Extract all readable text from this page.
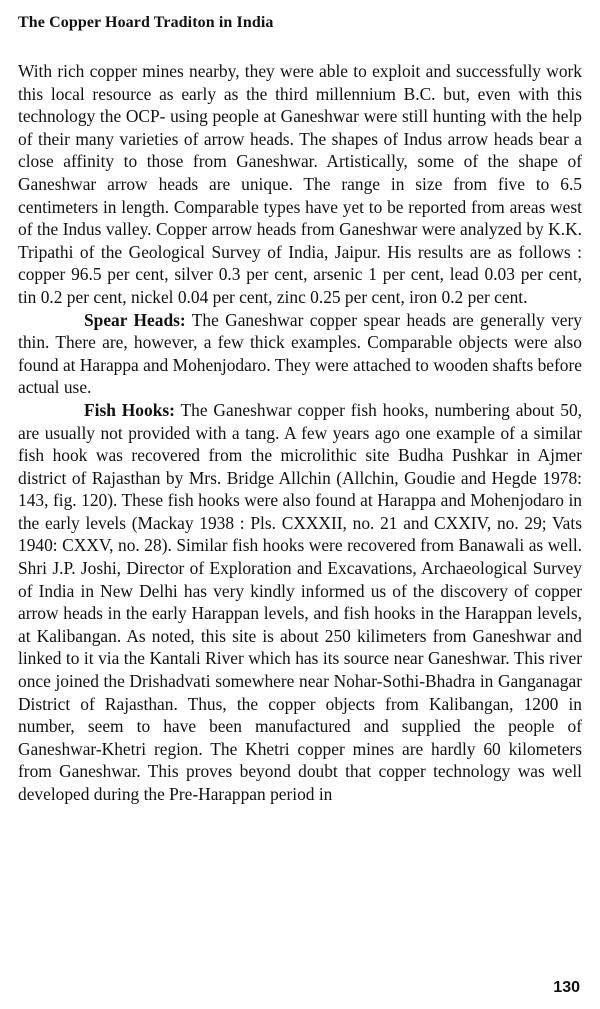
The Copper Hoard Traditon in India

With rich copper mines nearby, they were able to exploit and successfully work this local resource as early as the third millennium B.C. but, even with this technology the OCP- using people at Ganeshwar were still hunting with the help of their many varieties of arrow heads. The shapes of Indus arrow heads bear a close affinity to those from Ganeshwar. Artistically, some of the shape of Ganeshwar arrow heads are unique. The range in size from five to 6.5 centimeters in length. Comparable types have yet to be reported from areas west of the Indus valley. Copper arrow heads from Ganeshwar were analyzed by K.K. Tripathi of the Geological Survey of India, Jaipur. His results are as follows : copper 96.5 per cent, silver 0.3 per cent, arsenic 1 per cent, lead 0.03 per cent, tin 0.2 per cent, nickel 0.04 per cent, zinc 0.25 per cent, iron 0.2 per cent.

Spear Heads: The Ganeshwar copper spear heads are generally very thin. There are, however, a few thick examples. Comparable objects were also found at Harappa and Mohenjodaro. They were attached to wooden shafts before actual use.

Fish Hooks: The Ganeshwar copper fish hooks, numbering about 50, are usually not provided with a tang. A few years ago one example of a similar fish hook was recovered from the microlithic site Budha Pushkar in Ajmer district of Rajasthan by Mrs. Bridge Allchin (Allchin, Goudie and Hegde 1978: 143, fig. 120). These fish hooks were also found at Harappa and Mohenjodaro in the early levels (Mackay 1938 : Pls. CXXXII, no. 21 and CXXIV, no. 29; Vats 1940: CXXV, no. 28). Similar fish hooks were recovered from Banawali as well. Shri J.P. Joshi, Director of Exploration and Excavations, Archaeological Survey of India in New Delhi has very kindly informed us of the discovery of copper arrow heads in the early Harappan levels, and fish hooks in the Harappan levels, at Kalibangan. As noted, this site is about 250 kilimeters from Ganeshwar and linked to it via the Kantali River which has its source near Ganeshwar. This river once joined the Drishadvati somewhere near Nohar-Sothi-Bhadra in Ganganagar District of Rajasthan. Thus, the copper objects from Kalibangan, 1200 in number, seem to have been manufactured and supplied the people of Ganeshwar-Khetri region. The Khetri copper mines are hardly 60 kilometers from Ganeshwar. This proves beyond doubt that copper technology was well developed during the Pre-Harappan period in

130
